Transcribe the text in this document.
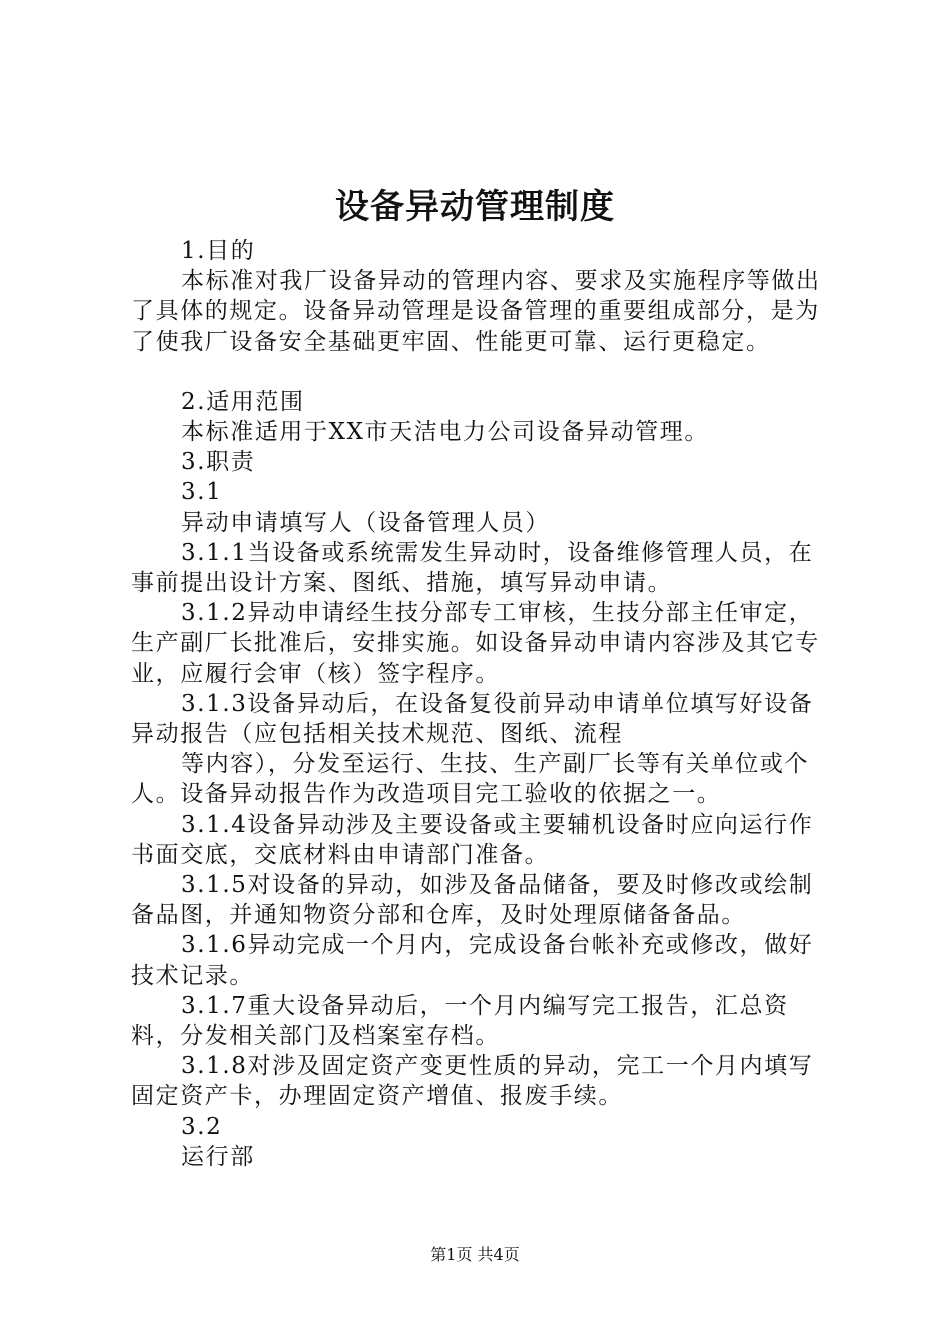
设备异动管理制度

1.目的

本标准对我厂设备异动的管理内容、要求及实施程序等做出了具体的规定。设备异动管理是设备管理的重要组成部分，是为了使我厂设备安全基础更牢固、性能更可靠、运行更稳定。

2.适用范围

本标准适用于XX市天洁电力公司设备异动管理。

3.职责

3.1

异动申请填写人（设备管理人员）

3.1.1当设备或系统需发生异动时，设备维修管理人员，在事前提出设计方案、图纸、措施，填写异动申请。

3.1.2异动申请经生技分部专工审核，生技分部主任审定，生产副厂长批准后，安排实施。如设备异动申请内容涉及其它专业，应履行会审（核）签字程序。

3.1.3设备异动后，在设备复役前异动申请单位填写好设备异动报告（应包括相关技术规范、图纸、流程

等内容），分发至运行、生技、生产副厂长等有关单位或个人。设备异动报告作为改造项目完工验收的依据之一。

3.1.4设备异动涉及主要设备或主要辅机设备时应向运行作书面交底，交底材料由申请部门准备。

3.1.5对设备的异动，如涉及备品储备，要及时修改或绘制备品图，并通知物资分部和仓库，及时处理原储备备品。

3.1.6异动完成一个月内，完成设备台帐补充或修改，做好技术记录。

3.1.7重大设备异动后，一个月内编写完工报告，汇总资料，分发相关部门及档案室存档。

3.1.8对涉及固定资产变更性质的异动，完工一个月内填写固定资产卡，办理固定资产增值、报废手续。

3.2

运行部

第1页 共4页
